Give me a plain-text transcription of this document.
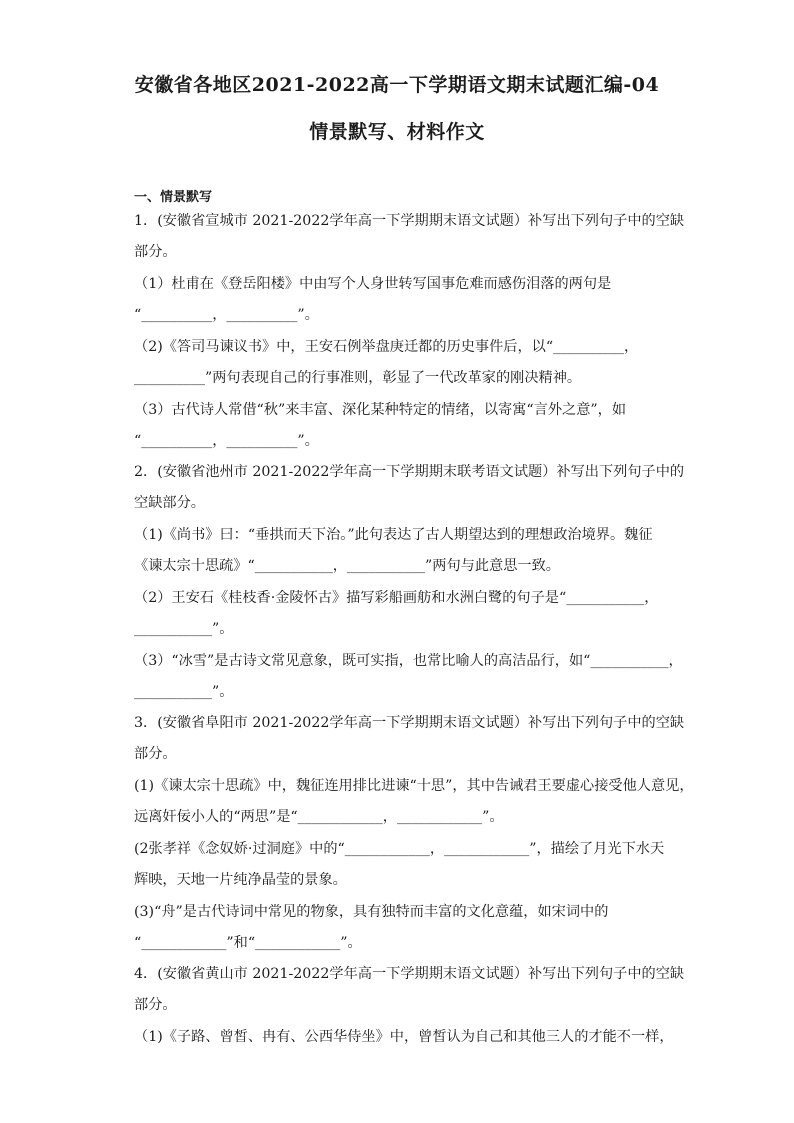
安徽省各地区2021-2022高一下学期语文期末试题汇编-04
情景默写、材料作文
一、情景默写
1．(安徽省宣城市 2021-2022学年高一下学期期末语文试题）补写出下列句子中的空缺
部分。
（1）杜甫在《登岳阳楼》中由写个人身世转写国事危难而感伤泪落的两句是
“__________，__________”。
（2)《答司马谏议书》中，王安石例举盘庚迁都的历史事件后，以“__________，
__________”两句表现自己的行事准则，彰显了一代改革家的刚决精神。
（3）古代诗人常借“秋”来丰富、深化某种特定的情绪，以寄寓“言外之意”，如
“__________，__________”。
2．(安徽省池州市 2021-2022学年高一下学期期末联考语文试题）补写出下列句子中的
空缺部分。
（1)《尚书》曰：“垂拱而天下治。”此句表达了古人期望达到的理想政治境界。魏征
《谏太宗十思疏》“___________，___________”两句与此意思一致。
（2）王安石《桂枝香·金陵怀古》描写彩船画舫和水洲白鹭的句子是“___________，
___________”。
（3）“冰雪”是古诗文常见意象，既可实指，也常比喻人的高洁品行，如“___________，
___________”。
3．(安徽省阜阳市 2021-2022学年高一下学期期末语文试题）补写出下列句子中的空缺
部分。
(1)《谏太宗十思疏》中，魏征连用排比进谏“十思”，其中告诫君王要虚心接受他人意见，
远离奸佞小人的“两思”是“____________，____________”。
(2张孝祥《念奴娇·过洞庭》中的“____________，____________”，描绘了月光下水天
辉映，天地一片纯净晶莹的景象。
(3)“舟”是古代诗词中常见的物象，具有独特而丰富的文化意蕴，如宋词中的
“____________”和“____________”。
4．(安徽省黄山市 2021-2022学年高一下学期期末语文试题）补写出下列句子中的空缺
部分。
（1)《子路、曾皙、冉有、公西华侍坐》中，曾皙认为自己和其他三人的才能不一样，
